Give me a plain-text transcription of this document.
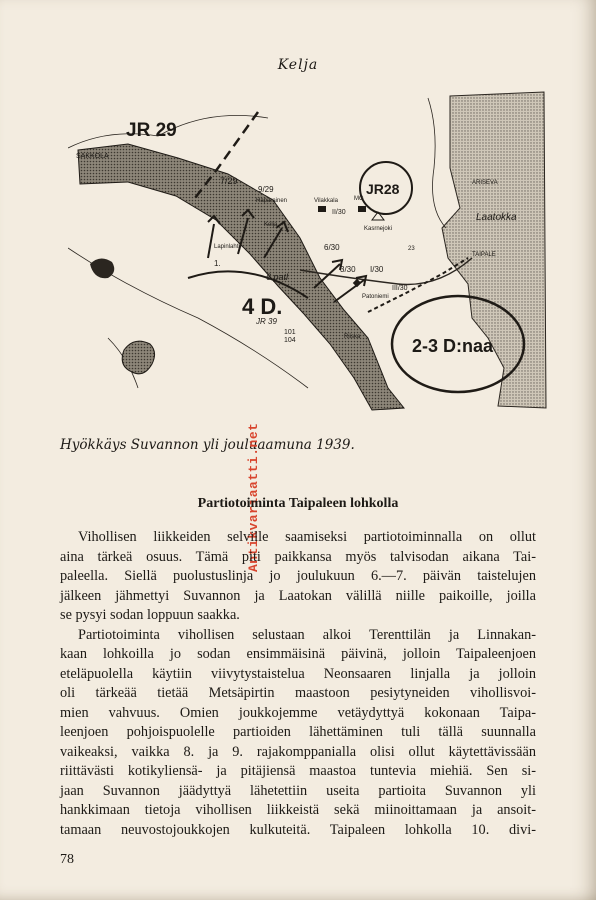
Kelja
JR 29
SAKKOLA
7/29
9/29
Haparainen	Vilakkala	MG
II/30
JR28
Kasrnejoki
ARISEVA
Laatokka
TAIPALE
Kelja
Lapinlahti	6/30
3/30 I/30
23
III/30
Patoniemi
6 patl
1.
4 D.
JR 39
101
104	Riiska	2-3 D:naa
Hyökkäys Suvannon yli jouluaamuna 1939.
Antikvariaatti.net
Partiotoiminta Taipaleen lohkolla
Vihollisen liikkeiden selville saamiseksi partiotoiminnalla on ollut
aina tärkeä osuus. Tämä piti paikkansa myös talvisodan aikana Tai-
paleella. Siellä puolustuslinja jo joulukuun 6.—7. päivän taistelujen
jälkeen jähmettyi Suvannon ja Laatokan välillä niille paikoille, joilla
se pysyi sodan loppuun saakka.
Partiotoiminta vihollisen selustaan alkoi Terenttilän ja Linnakan-
kaan lohkoilla jo sodan ensimmäisinä päivinä, jolloin Taipaleenjoen
eteläpuolella käytiin viivytystaistelua Neonsaaren linjalla ja jolloin
oli tärkeää tietää Metsäpirtin maastoon pesiytyneiden vihollisvoi-
mien vahvuus. Omien joukkojemme vetäydyttyä kokonaan Taipa-
leenjoen pohjoispuolelle partioiden lähettäminen tuli tällä suunnalla
vaikeaksi, vaikka 8. ja 9. rajakomppanialla olisi ollut käytettävissään
riittävästi kotikyliensä- ja pitäjiensä maastoa tuntevia miehiä. Sen si-
jaan Suvannon jäädyttyä lähetettiin useita partioita Suvannon yli
hankkimaan tietoja vihollisen liikkeistä sekä miinoittamaan ja ansoit-
tamaan neuvostojoukkojen kulkuteitä. Taipaleen lohkolla 10. divi-
78
